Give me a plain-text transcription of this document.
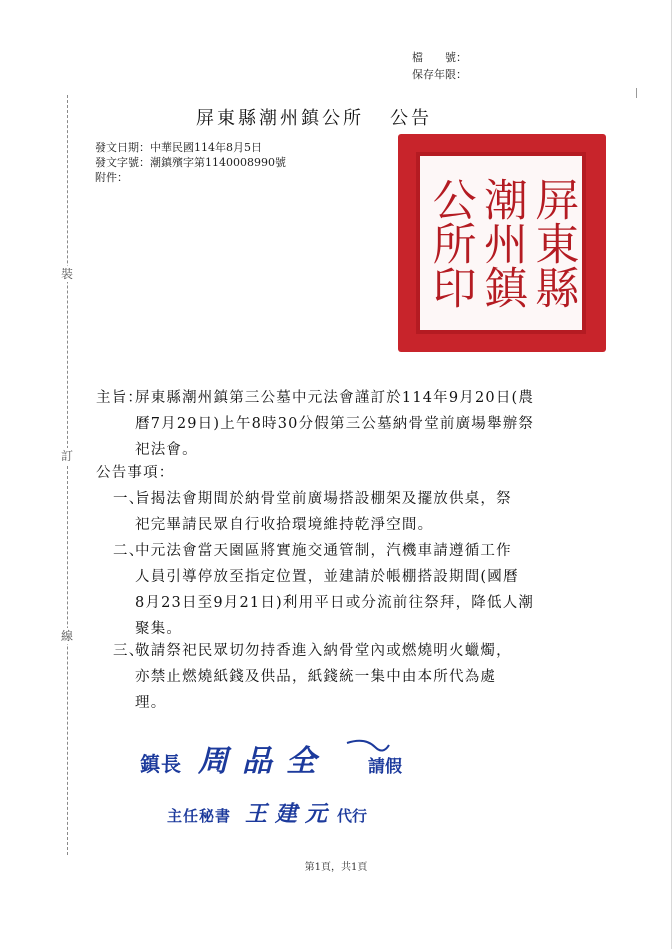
檔　　號：
保存年限：
裝
訂
線
屏東縣潮州鎮公所 公告
發文日期：中華民國114年8月5日
發文字號：潮鎮殯字第1140008990號
附件：	屏東縣
潮州鎮
公所印
主旨：
屏東縣潮州鎮第三公墓中元法會謹訂於114年9月20日(農
曆7月29日)上午8時30分假第三公墓納骨堂前廣場舉辦祭
祀法會。
公告事項：
一、
旨揭法會期間於納骨堂前廣場搭設棚架及擺放供桌，祭
祀完畢請民眾自行收拾環境維持乾淨空間。
二、
中元法會當天園區將實施交通管制，汽機車請遵循工作
人員引導停放至指定位置，並建請於帳棚搭設期間(國曆
8月23日至9月21日)利用平日或分流前往祭拜，降低人潮
聚集。
三、
敬請祭祀民眾切勿持香進入納骨堂內或燃燒明火蠟燭，
亦禁止燃燒紙錢及供品，紙錢統一集中由本所代為處
理。
鎮長 周品全 請假
主任秘書 王建元 代行
第1頁，共1頁
